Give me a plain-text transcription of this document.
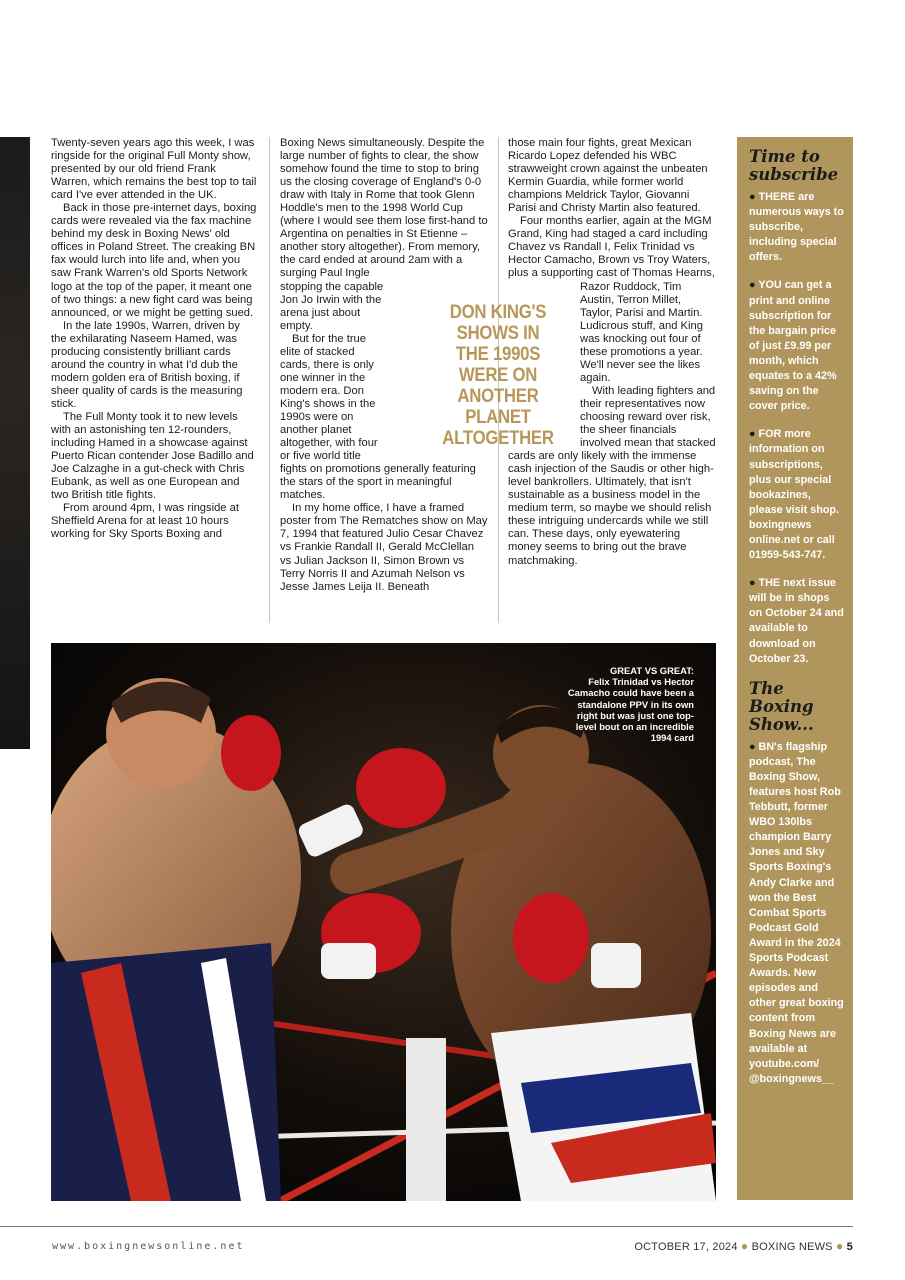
Twenty-seven years ago this week, I was ringside for the original Full Monty show, presented by our old friend Frank Warren, which remains the best top to tail card I've ever attended in the UK.

Back in those pre-internet days, boxing cards were revealed via the fax machine behind my desk in Boxing News' old offices in Poland Street. The creaking BN fax would lurch into life and, when you saw Frank Warren's old Sports Network logo at the top of the paper, it meant one of two things: a new fight card was being announced, or we might be getting sued.

In the late 1990s, Warren, driven by the exhilarating Naseem Hamed, was producing consistently brilliant cards around the country in what I'd dub the modern golden era of British boxing, if sheer quality of cards is the measuring stick.

The Full Monty took it to new levels with an astonishing ten 12-rounders, including Hamed in a showcase against Puerto Rican contender Jose Badillo and Joe Calzaghe in a gut-check with Chris Eubank, as well as one European and two British title fights.

From around 4pm, I was ringside at Sheffield Arena for at least 10 hours working for Sky Sports Boxing and

Boxing News simultaneously. Despite the large number of fights to clear, the show somehow found the time to stop to bring us the closing coverage of England's 0-0 draw with Italy in Rome that took Glenn Hoddle's men to the 1998 World Cup (where I would see them lose first-hand to Argentina on penalties in St Etienne – another story altogether). From memory, the card ended at around 2am with a surging Paul Ingle stopping the capable Jon Jo Irwin with the arena just about empty.

But for the true elite of stacked cards, there is only one winner in the modern era. Don King's shows in the 1990s were on another planet altogether, with four or five world title fights on promotions generally featuring the stars of the sport in meaningful matches.

In my home office, I have a framed poster from The Rematches show on May 7, 1994 that featured Julio Cesar Chavez vs Frankie Randall II, Gerald McClellan vs Julian Jackson II, Simon Brown vs Terry Norris II and Azumah Nelson vs Jesse James Leija II. Beneath

those main four fights, great Mexican Ricardo Lopez defended his WBC strawweight crown against the unbeaten Kermin Guardia, while former world champions Meldrick Taylor, Giovanni Parisi and Christy Martin also featured.

Four months earlier, again at the MGM Grand, King had staged a card including Chavez vs Randall I, Felix Trinidad vs Hector Camacho, Brown vs Troy Waters, plus a supporting cast of Thomas Hearns, Razor Ruddock, Tim Austin, Terron Millet, Taylor, Parisi and Martin. Ludicrous stuff, and King was knocking out four of these promotions a year. We'll never see the likes again.

With leading fighters and their representatives now choosing reward over risk, the sheer financials involved mean that stacked cards are only likely with the immense cash injection of the Saudis or other high-level bankrollers. Ultimately, that isn't sustainable as a business model in the medium term, so maybe we should relish these intriguing undercards while we still can. These days, only eyewatering money seems to bring out the brave matchmaking.

DON KING'S SHOWS IN THE 1990S WERE ON ANOTHER PLANET ALTOGETHER
Time to subscribe

● THERE are numerous ways to subscribe, including special offers.

● YOU can get a print and online subscription for the bargain price of just £9.99 per month, which equates to a 42% saving on the cover price.

● FOR more information on subscriptions, plus our special bookazines, please visit shop. boxingnews online.net or call 01959-543-747.

● THE next issue will be in shops on October 24 and available to download on October 23.

The Boxing Show...

● BN's flagship podcast, The Boxing Show, features host Rob Tebbutt, former WBO 130lbs champion Barry Jones and Sky Sports Boxing's Andy Clarke and won the Best Combat Sports Podcast Gold Award in the 2024 Sports Podcast Awards. New episodes and other great boxing content from Boxing News are available at youtube.com/ @boxingnews__

GREAT VS GREAT:
Felix Trinidad vs Hector Camacho could have been a standalone PPV in its own right but was just one top-level bout on an incredible 1994 card
www.boxingnewsonline.net	OCTOBER 17, 2024 ● BOXING NEWS ● 5
